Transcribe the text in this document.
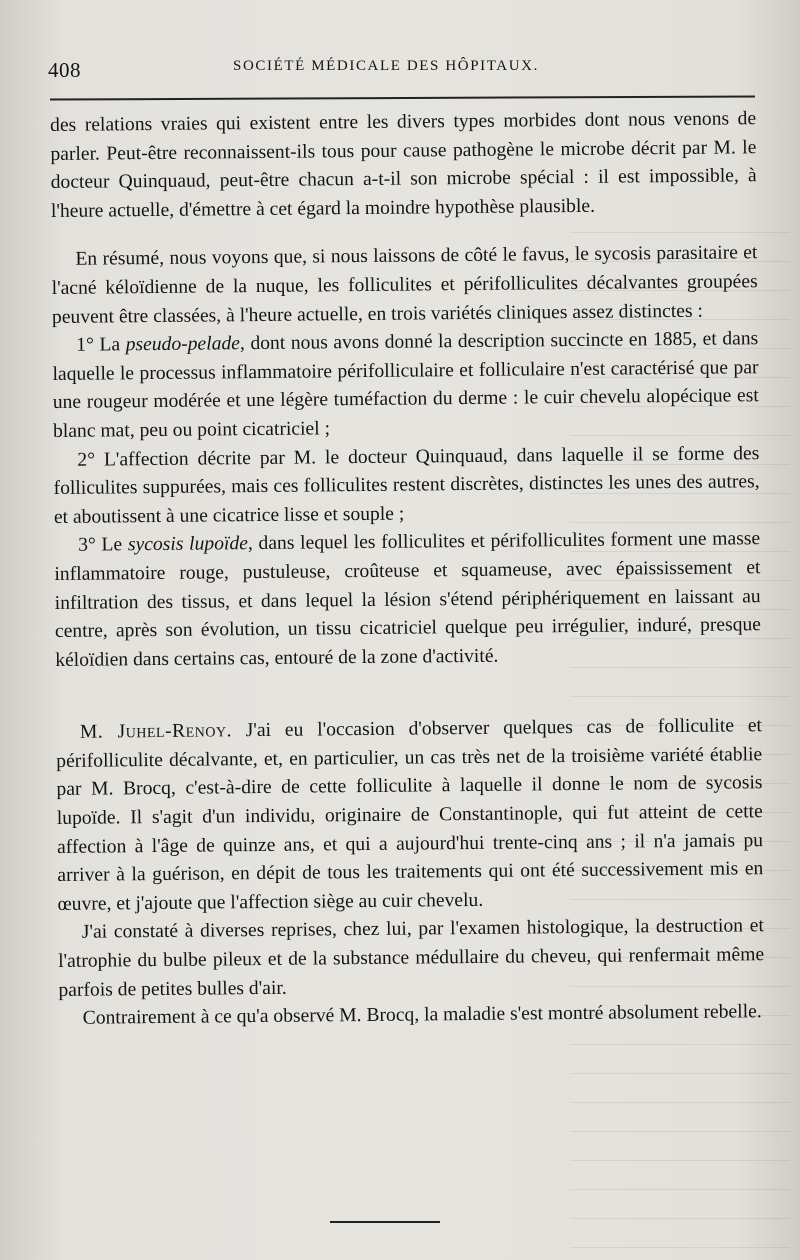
408	SOCIÉTÉ MÉDICALE DES HÔPITAUX.

des relations vraies qui existent entre les divers types morbides dont nous venons de parler. Peut-être reconnaissent-ils tous pour cause pathogène le microbe décrit par M. le docteur Quinquaud, peut-être chacun a-t-il son microbe spécial : il est impossible, à l'heure actuelle, d'émettre à cet égard la moindre hypothèse plausible.

En résumé, nous voyons que, si nous laissons de côté le favus, le sycosis parasitaire et l'acné kéloïdienne de la nuque, les folliculites et périfolliculites décalvantes groupées peuvent être classées, à l'heure actuelle, en trois variétés cliniques assez distinctes :

1° La pseudo-pelade, dont nous avons donné la description succincte en 1885, et dans laquelle le processus inflammatoire périfolliculaire et folliculaire n'est caractérisé que par une rougeur modérée et une légère tuméfaction du derme : le cuir chevelu alopécique est blanc mat, peu ou point cicatriciel ;

2° L'affection décrite par M. le docteur Quinquaud, dans laquelle il se forme des folliculites suppurées, mais ces folliculites restent discrètes, distinctes les unes des autres, et aboutissent à une cicatrice lisse et souple ;

3° Le sycosis lupoïde, dans lequel les folliculites et périfolliculites forment une masse inflammatoire rouge, pustuleuse, croûteuse et squameuse, avec épaississement et infiltration des tissus, et dans lequel la lésion s'étend périphériquement en laissant au centre, après son évolution, un tissu cicatriciel quelque peu irrégulier, induré, presque kéloïdien dans certains cas, entouré de la zone d'activité.

M. Juhel-Renoy. J'ai eu l'occasion d'observer quelques cas de folliculite et périfolliculite décalvante, et, en particulier, un cas très net de la troisième variété établie par M. Brocq, c'est-à-dire de cette folliculite à laquelle il donne le nom de sycosis lupoïde. Il s'agit d'un individu, originaire de Constantinople, qui fut atteint de cette affection à l'âge de quinze ans, et qui a aujourd'hui trente-cinq ans ; il n'a jamais pu arriver à la guérison, en dépit de tous les traitements qui ont été successivement mis en œuvre, et j'ajoute que l'affection siège au cuir chevelu.

J'ai constaté à diverses reprises, chez lui, par l'examen histologique, la destruction et l'atrophie du bulbe pileux et de la substance médullaire du cheveu, qui renfermait même parfois de petites bulles d'air.

Contrairement à ce qu'a observé M. Brocq, la maladie s'est montré absolument rebelle.
